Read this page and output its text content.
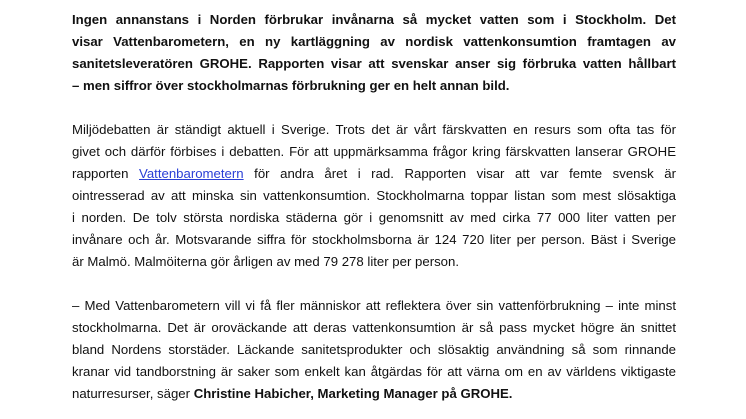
Ingen annanstans i Norden förbrukar invånarna så mycket vatten som i Stockholm. Det
visar Vattenbarometern, en ny kartläggning av nordisk vattenkonsumtion framtagen av
sanitetsleveratören GROHE. Rapporten visar att svenskar anser sig förbruka vatten hållbart
– men siffror över stockholmarnas förbrukning ger en helt annan bild.

Miljödebatten är ständigt aktuell i Sverige. Trots det är vårt färskvatten en resurs som ofta tas för
givet och därför förbises i debatten. För att uppmärksamma frågor kring färskvatten lanserar GROHE
rapporten Vattenbarometern för andra året i rad. Rapporten visar att var femte svensk är
ointresserad av att minska sin vattenkonsumtion. Stockholmarna toppar listan som mest slösaktiga
i norden. De tolv största nordiska städerna gör i genomsnitt av med cirka 77 000 liter vatten per
invånare och år. Motsvarande siffra för stockholmsborna är 124 720 liter per person. Bäst i Sverige
är Malmö. Malmöiterna gör årligen av med 79 278 liter per person.

– Med Vattenbarometern vill vi få fler människor att reflektera över sin vattenförbrukning – inte minst
stockholmarna. Det är oroväckande att deras vattenkonsumtion är så pass mycket högre än snittet
bland Nordens storstäder. Läckande sanitetsprodukter och slösaktig användning så som rinnande
kranar vid tandborstning är saker som enkelt kan åtgärdas för att värna om en av världens viktigaste
naturresurser, säger Christine Habicher, Marketing Manager på GROHE.
